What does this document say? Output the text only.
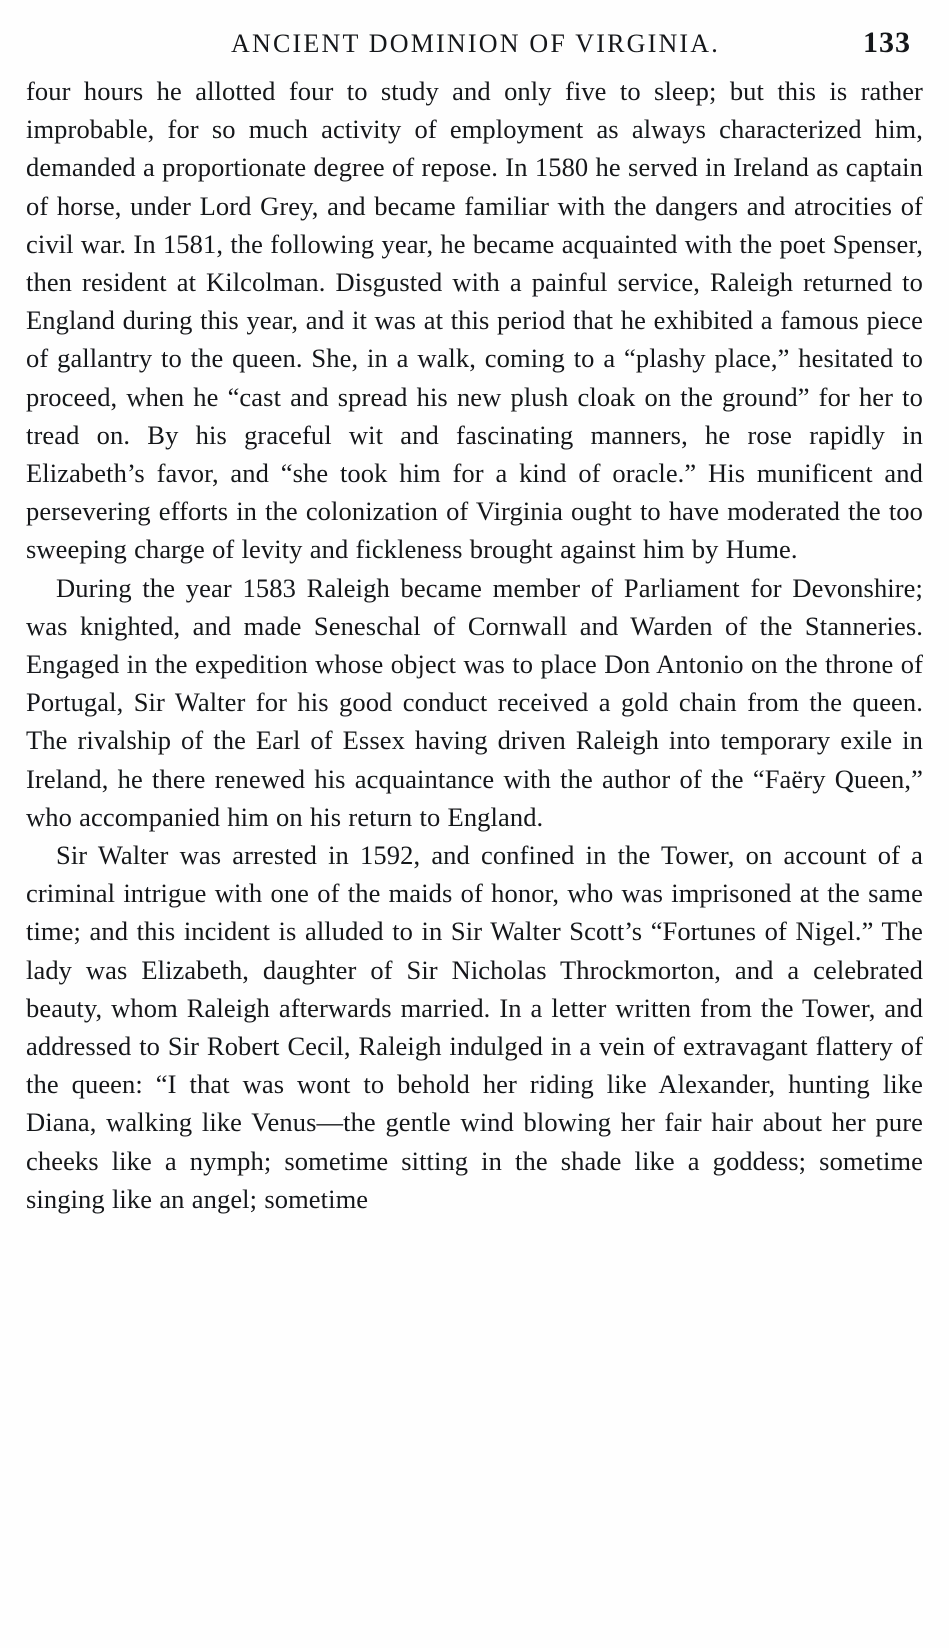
ANCIENT DOMINION OF VIRGINIA.	133

four hours he allotted four to study and only five to sleep; but this is rather improbable, for so much activity of employment as always characterized him, demanded a proportionate degree of repose. In 1580 he served in Ireland as captain of horse, under Lord Grey, and became familiar with the dangers and atrocities of civil war. In 1581, the following year, he became acquainted with the poet Spenser, then resident at Kilcolman. Disgusted with a painful service, Raleigh returned to England during this year, and it was at this period that he exhibited a famous piece of gallantry to the queen. She, in a walk, coming to a “plashy place,” hesitated to proceed, when he “cast and spread his new plush cloak on the ground” for her to tread on. By his graceful wit and fascinating manners, he rose rapidly in Elizabeth’s favor, and “she took him for a kind of oracle.” His munificent and persevering efforts in the colonization of Virginia ought to have moderated the too sweeping charge of levity and fickleness brought against him by Hume.

During the year 1583 Raleigh became member of Parliament for Devonshire; was knighted, and made Seneschal of Cornwall and Warden of the Stanneries. Engaged in the expedition whose object was to place Don Antonio on the throne of Portugal, Sir Walter for his good conduct received a gold chain from the queen. The rivalship of the Earl of Essex having driven Raleigh into temporary exile in Ireland, he there renewed his acquaintance with the author of the “Faëry Queen,” who accompanied him on his return to England.

Sir Walter was arrested in 1592, and confined in the Tower, on account of a criminal intrigue with one of the maids of honor, who was imprisoned at the same time; and this incident is alluded to in Sir Walter Scott’s “Fortunes of Nigel.” The lady was Elizabeth, daughter of Sir Nicholas Throckmorton, and a celebrated beauty, whom Raleigh afterwards married. In a letter written from the Tower, and addressed to Sir Robert Cecil, Raleigh indulged in a vein of extravagant flattery of the queen: “I that was wont to behold her riding like Alexander, hunting like Diana, walking like Venus—the gentle wind blowing her fair hair about her pure cheeks like a nymph; sometime sitting in the shade like a goddess; sometime singing like an angel; sometime
